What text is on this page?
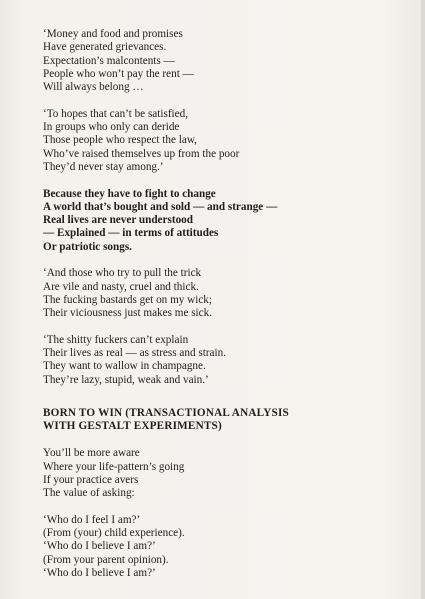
‘Money and food and promises
Have generated grievances.
Expectation’s malcontents —
People who won’t pay the rent —
Will always belong …
‘To hopes that can’t be satisfied,
In groups who only can deride
Those people who respect the law,
Who’ve raised themselves up from the poor
They’d never stay among.’
Because they have to fight to change
A world that’s bought and sold — and strange —
Real lives are never understood
— Explained — in terms of attitudes
Or patriotic songs.
‘And those who try to pull the trick
Are vile and nasty, cruel and thick.
The fucking bastards get on my wick;
Their viciousness just makes me sick.
‘The shitty fuckers can’t explain
Their lives as real — as stress and strain.
They want to wallow in champagne.
They’re lazy, stupid, weak and vain.’
BORN TO WIN (TRANSACTIONAL ANALYSIS
WITH GESTALT EXPERIMENTS)
You’ll be more aware
Where your life-pattern’s going
If your practice avers
The value of asking:
‘Who do I feel I am?’
(From (your) child experience).
‘Who do I believe I am?’
(From your parent opinion).
‘Who do I believe I am?’
